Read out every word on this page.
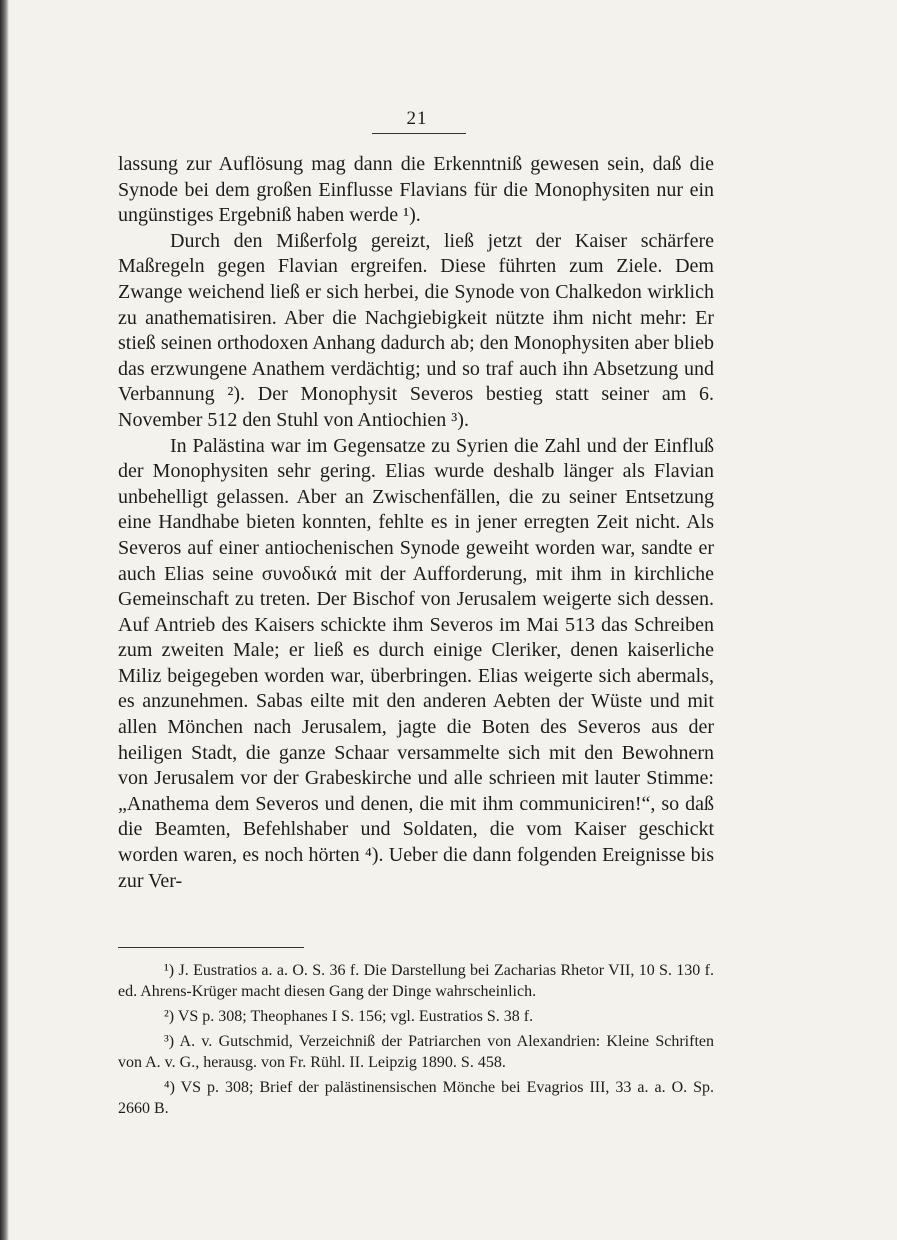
21

lassung zur Auflösung mag dann die Erkenntniß gewesen sein, daß die Synode bei dem großen Einflusse Flavians für die Monophysiten nur ein ungünstiges Ergebniß haben werde ¹).

Durch den Mißerfolg gereizt, ließ jetzt der Kaiser schärfere Maßregeln gegen Flavian ergreifen. Diese führten zum Ziele. Dem Zwange weichend ließ er sich herbei, die Synode von Chalkedon wirklich zu anathematisiren. Aber die Nachgiebigkeit nützte ihm nicht mehr: Er stieß seinen orthodoxen Anhang dadurch ab; den Monophysiten aber blieb das erzwungene Anathem verdächtig; und so traf auch ihn Absetzung und Verbannung ²). Der Monophysit Severos bestieg statt seiner am 6. November 512 den Stuhl von Antiochien ³).

In Palästina war im Gegensatze zu Syrien die Zahl und der Einfluß der Monophysiten sehr gering. Elias wurde deshalb länger als Flavian unbehelligt gelassen. Aber an Zwischenfällen, die zu seiner Entsetzung eine Handhabe bieten konnten, fehlte es in jener erregten Zeit nicht. Als Severos auf einer antiochenischen Synode geweiht worden war, sandte er auch Elias seine συνοδικά mit der Aufforderung, mit ihm in kirchliche Gemeinschaft zu treten. Der Bischof von Jerusalem weigerte sich dessen. Auf Antrieb des Kaisers schickte ihm Severos im Mai 513 das Schreiben zum zweiten Male; er ließ es durch einige Cleriker, denen kaiserliche Miliz beigegeben worden war, überbringen. Elias weigerte sich abermals, es anzunehmen. Sabas eilte mit den anderen Aebten der Wüste und mit allen Mönchen nach Jerusalem, jagte die Boten des Severos aus der heiligen Stadt, die ganze Schaar versammelte sich mit den Bewohnern von Jerusalem vor der Grabeskirche und alle schrieen mit lauter Stimme: „Anathema dem Severos und denen, die mit ihm communiciren!“, so daß die Beamten, Befehlshaber und Soldaten, die vom Kaiser geschickt worden waren, es noch hörten ⁴). Ueber die dann folgenden Ereignisse bis zur Ver-

¹) J. Eustratios a. a. O. S. 36 f. Die Darstellung bei Zacharias Rhetor VII, 10 S. 130 f. ed. Ahrens-Krüger macht diesen Gang der Dinge wahrscheinlich.

²) VS p. 308; Theophanes I S. 156; vgl. Eustratios S. 38 f.

³) A. v. Gutschmid, Verzeichniß der Patriarchen von Alexandrien: Kleine Schriften von A. v. G., herausg. von Fr. Rühl. II. Leipzig 1890. S. 458.

⁴) VS p. 308; Brief der palästinensischen Mönche bei Evagrios III, 33 a. a. O. Sp. 2660 B.
